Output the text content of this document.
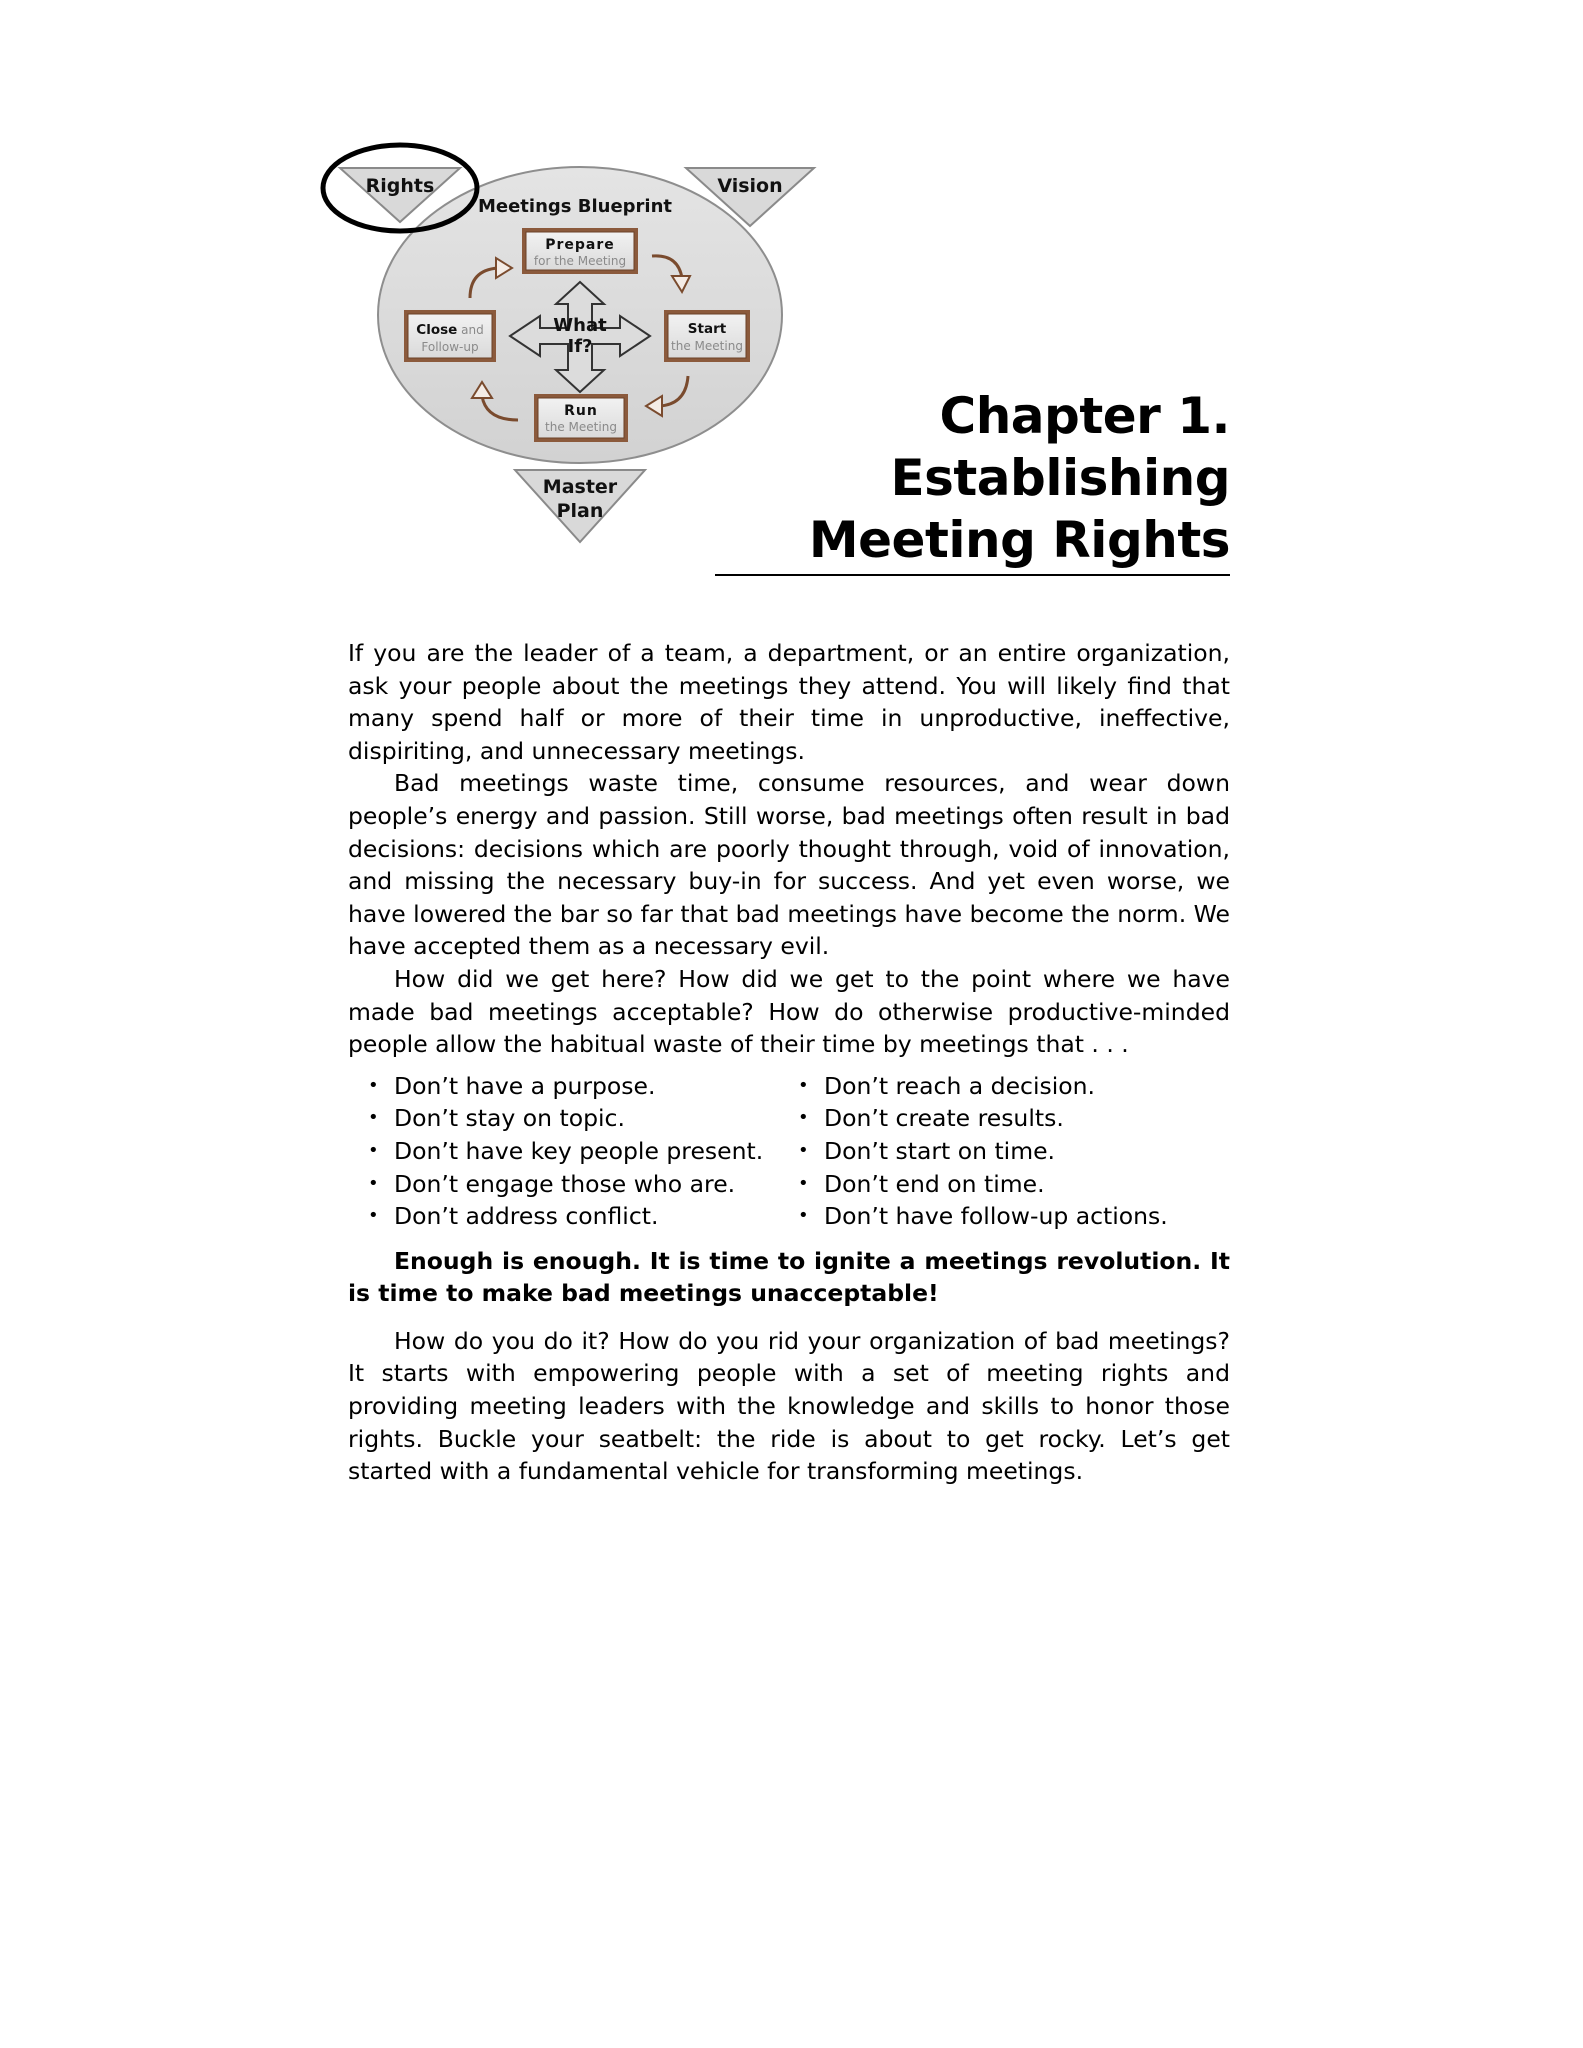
Rights	Vision
Master
Plan
Meetings Blueprint
Prepare
for the Meeting
Start
the Meeting
Close and
Follow-up
Run
the Meeting
What
If?
Chapter 1.
Establishing
Meeting Rights

If you are the leader of a team, a department, or an entire organization, ask your people about the meetings they attend. You will likely find that many spend half or more of their time in unproductive, ineffective, dispiriting, and unnecessary meetings.

Bad meetings waste time, consume resources, and wear down people’s energy and passion. Still worse, bad meetings often result in bad decisions: decisions which are poorly thought through, void of innovation, and missing the necessary buy-in for success. And yet even worse, we have lowered the bar so far that bad meetings have become the norm. We have accepted them as a necessary evil.

How did we get here? How did we get to the point where we have made bad meetings acceptable? How do otherwise productive-minded people allow the habitual waste of their time by meetings that . . .

• Don’t have a purpose.
• Don’t stay on topic.
• Don’t have key people present.
• Don’t engage those who are.
• Don’t address conflict.
• Don’t reach a decision.
• Don’t create results.
• Don’t start on time.
• Don’t end on time.
• Don’t have follow-up actions.

Enough is enough. It is time to ignite a meetings revolution. It is time to make bad meetings unacceptable!

How do you do it? How do you rid your organization of bad meetings? It starts with empowering people with a set of meeting rights and providing meeting leaders with the knowledge and skills to honor those rights. Buckle your seatbelt: the ride is about to get rocky. Let’s get started with a fundamental vehicle for transforming meetings.
